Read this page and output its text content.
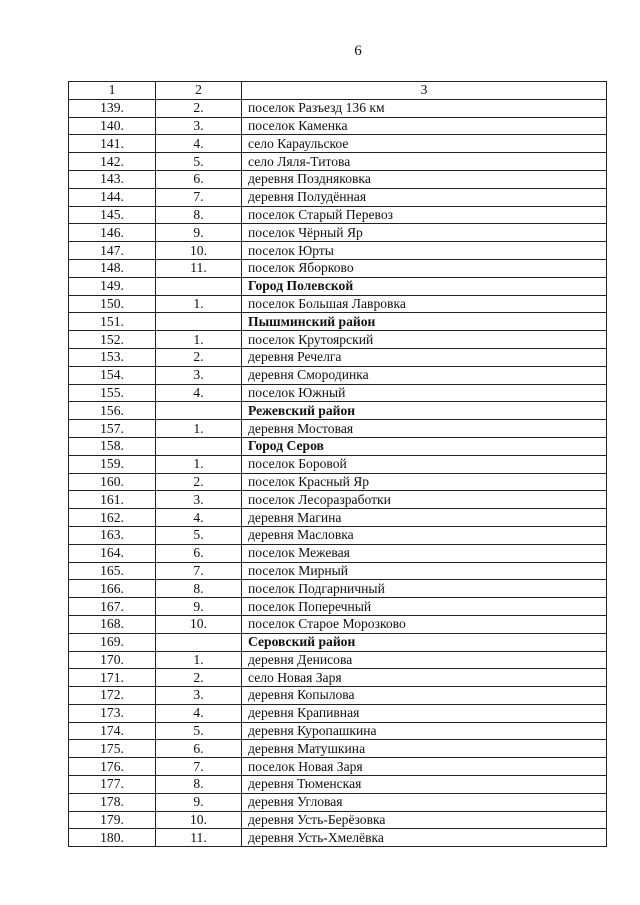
6
1	2	3
139.	2.	поселок Разъезд 136 км
140.	3.	поселок Каменка
141.	4.	село Караульское
142.	5.	село Ляля-Титова
143.	6.	деревня Поздняковка
144.	7.	деревня Полудённая
145.	8.	поселок Старый Перевоз
146.	9.	поселок Чёрный Яр
147.	10.	поселок Юрты
148.	11.	поселок Яборково
149.		Город Полевской
150.	1.	поселок Большая Лавровка
151.		Пышминский район
152.	1.	поселок Крутоярский
153.	2.	деревня Речелга
154.	3.	деревня Смородинка
155.	4.	поселок Южный
156.		Режевский район
157.	1.	деревня Мостовая
158.		Город Серов
159.	1.	поселок Боровой
160.	2.	поселок Красный Яр
161.	3.	поселок Лесоразработки
162.	4.	деревня Магина
163.	5.	деревня Масловка
164.	6.	поселок Межевая
165.	7.	поселок Мирный
166.	8.	поселок Подгарничный
167.	9.	поселок Поперечный
168.	10.	поселок Старое Морозково
169.		Серовский район
170.	1.	деревня Денисова
171.	2.	село Новая Заря
172.	3.	деревня Копылова
173.	4.	деревня Крапивная
174.	5.	деревня Куропашкина
175.	6.	деревня Матушкина
176.	7.	поселок Новая Заря
177.	8.	деревня Тюменская
178.	9.	деревня Угловая
179.	10.	деревня Усть-Берёзовка
180.	11.	деревня Усть-Хмелёвка
